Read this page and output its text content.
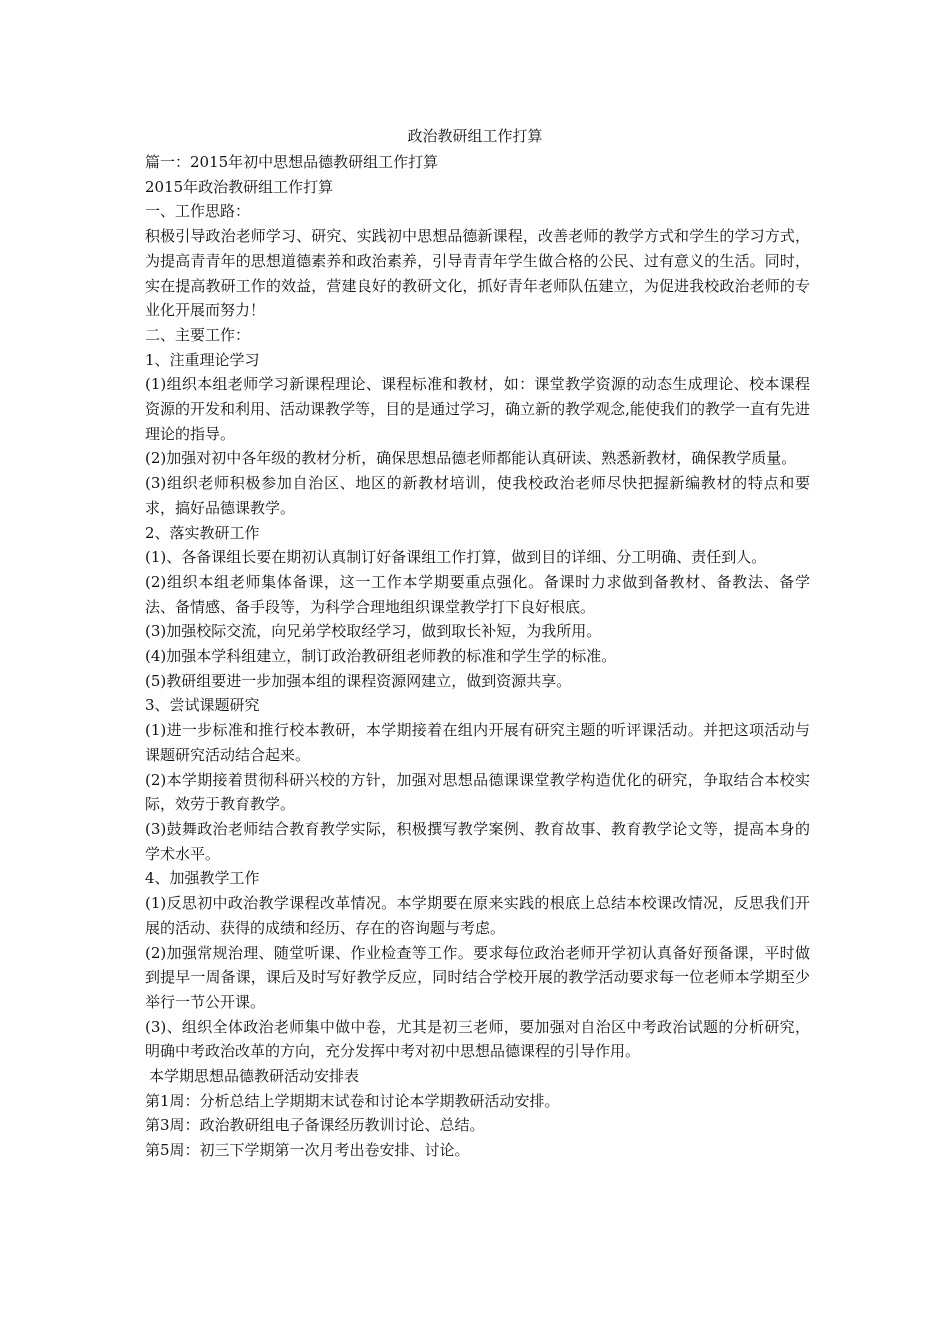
政治教研组工作打算

篇一：2015年初中思想品德教研组工作打算

2015年政治教研组工作打算

一、工作思路：

积极引导政治老师学习、研究、实践初中思想品德新课程，改善老师的教学方式和学生的学习方式，为提高青青年的思想道德素养和政治素养，引导青青年学生做合格的公民、过有意义的生活。同时，实在提高教研工作的效益，营建良好的教研文化，抓好青年老师队伍建立，为促进我校政治老师的专业化开展而努力！

二、主要工作：

1、注重理论学习

(1)组织本组老师学习新课程理论、课程标准和教材，如：课堂教学资源的动态生成理论、校本课程资源的开发和利用、活动课教学等，目的是通过学习，确立新的教学观念,能使我们的教学一直有先进理论的指导。

(2)加强对初中各年级的教材分析，确保思想品德老师都能认真研读、熟悉新教材，确保教学质量。

(3)组织老师积极参加自治区、地区的新教材培训，使我校政治老师尽快把握新编教材的特点和要求，搞好品德课教学。

2、落实教研工作

(1)、各备课组长要在期初认真制订好备课组工作打算，做到目的详细、分工明确、责任到人。

(2)组织本组老师集体备课，这一工作本学期要重点强化。备课时力求做到备教材、备教法、备学法、备情感、备手段等，为科学合理地组织课堂教学打下良好根底。

(3)加强校际交流，向兄弟学校取经学习，做到取长补短，为我所用。

(4)加强本学科组建立，制订政治教研组老师教的标准和学生学的标准。

(5)教研组要进一步加强本组的课程资源网建立，做到资源共享。

3、尝试课题研究

(1)进一步标准和推行校本教研，本学期接着在组内开展有研究主题的听评课活动。并把这项活动与课题研究活动结合起来。

(2)本学期接着贯彻科研兴校的方针，加强对思想品德课课堂教学构造优化的研究，争取结合本校实际，效劳于教育教学。

(3)鼓舞政治老师结合教育教学实际，积极撰写教学案例、教育故事、教育教学论文等，提高本身的学术水平。

4、加强教学工作

(1)反思初中政治教学课程改革情况。本学期要在原来实践的根底上总结本校课改情况，反思我们开展的活动、获得的成绩和经历、存在的咨询题与考虑。

(2)加强常规治理、随堂听课、作业检查等工作。要求每位政治老师开学初认真备好预备课，平时做到提早一周备课，课后及时写好教学反应，同时结合学校开展的教学活动要求每一位老师本学期至少举行一节公开课。

(3)、组织全体政治老师集中做中卷，尤其是初三老师，要加强对自治区中考政治试题的分析研究，明确中考政治改革的方向，充分发挥中考对初中思想品德课程的引导作用。

本学期思想品德教研活动安排表

第1周：分析总结上学期期末试卷和讨论本学期教研活动安排。

第3周：政治教研组电子备课经历教训讨论、总结。

第5周：初三下学期第一次月考出卷安排、讨论。
